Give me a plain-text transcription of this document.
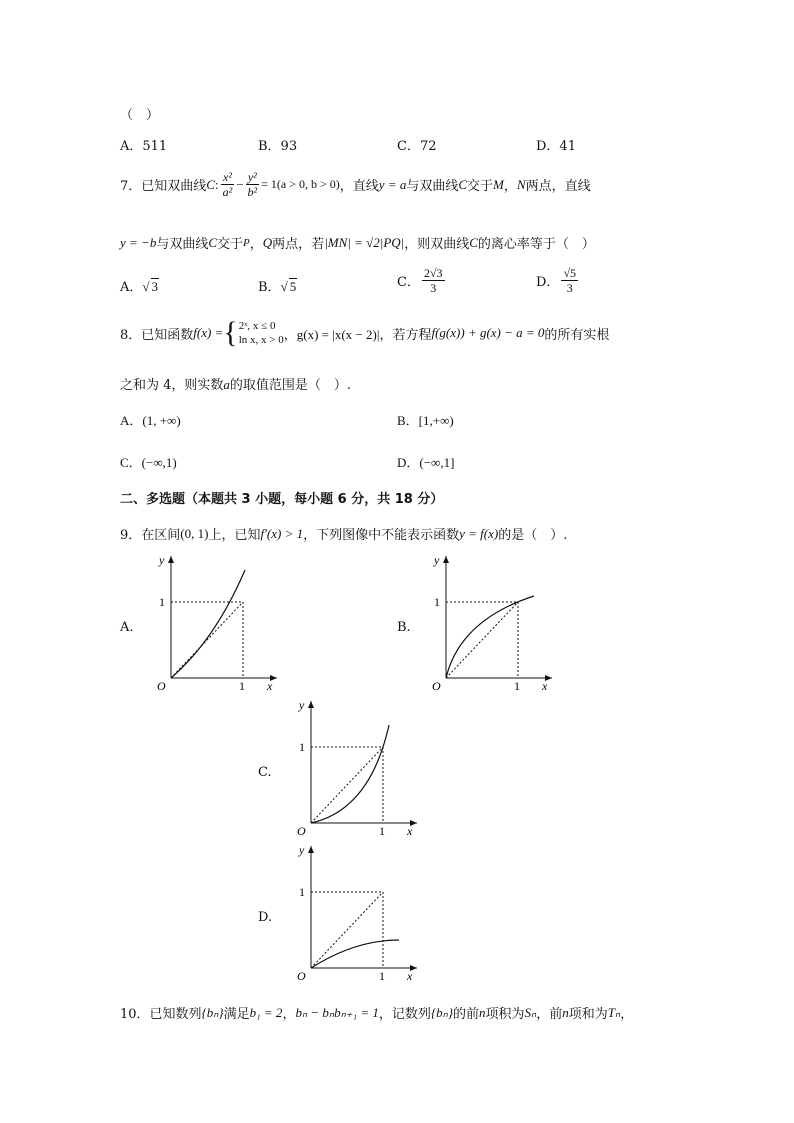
（　）
A．511	B．93	C．72	D．41
7．已知双曲线 C : $\frac{\text{x²}}{\text{a²}} - \frac{\text{y²}}{\text{b²}} = 1(a > 0$, b > 0) ，直线 y = a 与双曲线 C 交于 M ， N 两点，直线
y = −b 与双曲线 C 交于 P ， Q 两点，若 |MN| = √2|PQ| ，则双曲线 C 的离心率等于（　）
A．√ 3	B．√ 5	C． $\frac{2√3}{3}$	D． $\frac{√5}{3}$
8．已知函数 f(x) = { 2ˣ, x ≤ 0
ln x, x > 0 ，g(x) = |x(x − 2)| ，若方程 f(g(x)) + g(x) − a = 0 的所有实根
之和为 4，则实数a的取值范围是（　）.
A．(1, +∞)	B．[1,+∞)
C．(−∞,1)	D．(−∞,1]
二、多选题（本题共 3 小题，每小题 6 分，共 18 分）
9．在区间 (0, 1) 上，已知 f′(x) > 1 ，下列图像中不能表示函数 y = f(x) 的是（　）.
A.
y
x
O	1
1
B.
y
x
O	1
1
C.
y
x
O	1
1
D.
y
x
O	1
1
10．已知数列 {bₙ} 满足 b₁ = 2 ， bₙ − bₙbₙ₊₁ = 1 ，记数列 {bₙ} 的前 n 项积为 Sₙ ，前 n 项和为 Tₙ ，
